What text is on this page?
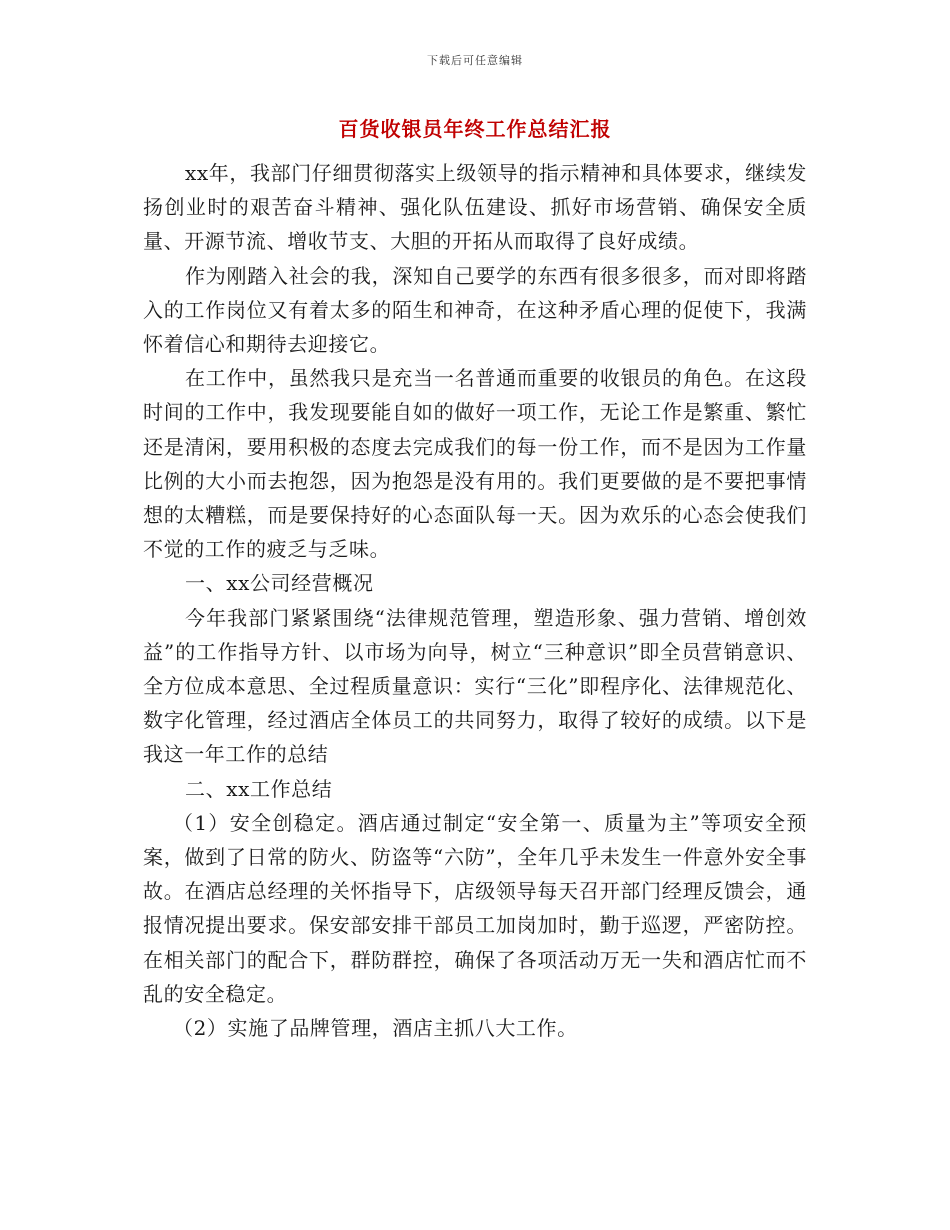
下载后可任意编辑
百货收银员年终工作总结汇报

xx年，我部门仔细贯彻落实上级领导的指示精神和具体要求，继续发扬创业时的艰苦奋斗精神、强化队伍建设、抓好市场营销、确保安全质量、开源节流、增收节支、大胆的开拓从而取得了良好成绩。

作为刚踏入社会的我，深知自己要学的东西有很多很多，而对即将踏入的工作岗位又有着太多的陌生和神奇，在这种矛盾心理的促使下，我满怀着信心和期待去迎接它。

在工作中，虽然我只是充当一名普通而重要的收银员的角色。在这段时间的工作中，我发现要能自如的做好一项工作，无论工作是繁重、繁忙还是清闲，要用积极的态度去完成我们的每一份工作，而不是因为工作量比例的大小而去抱怨，因为抱怨是没有用的。我们更要做的是不要把事情想的太糟糕，而是要保持好的心态面队每一天。因为欢乐的心态会使我们不觉的工作的疲乏与乏味。

一、xx公司经营概况

今年我部门紧紧围绕“法律规范管理，塑造形象、强力营销、增创效益”的工作指导方针、以市场为向导，树立“三种意识”即全员营销意识、全方位成本意思、全过程质量意识：实行“三化”即程序化、法律规范化、数字化管理，经过酒店全体员工的共同努力，取得了较好的成绩。以下是我这一年工作的总结

二、xx工作总结

（1）安全创稳定。酒店通过制定“安全第一、质量为主”等项安全预案，做到了日常的防火、防盗等“六防”，全年几乎未发生一件意外安全事故。在酒店总经理的关怀指导下，店级领导每天召开部门经理反馈会，通报情况提出要求。保安部安排干部员工加岗加时，勤于巡逻，严密防控。在相关部门的配合下，群防群控，确保了各项活动万无一失和酒店忙而不乱的安全稳定。

（2）实施了品牌管理，酒店主抓八大工作。
